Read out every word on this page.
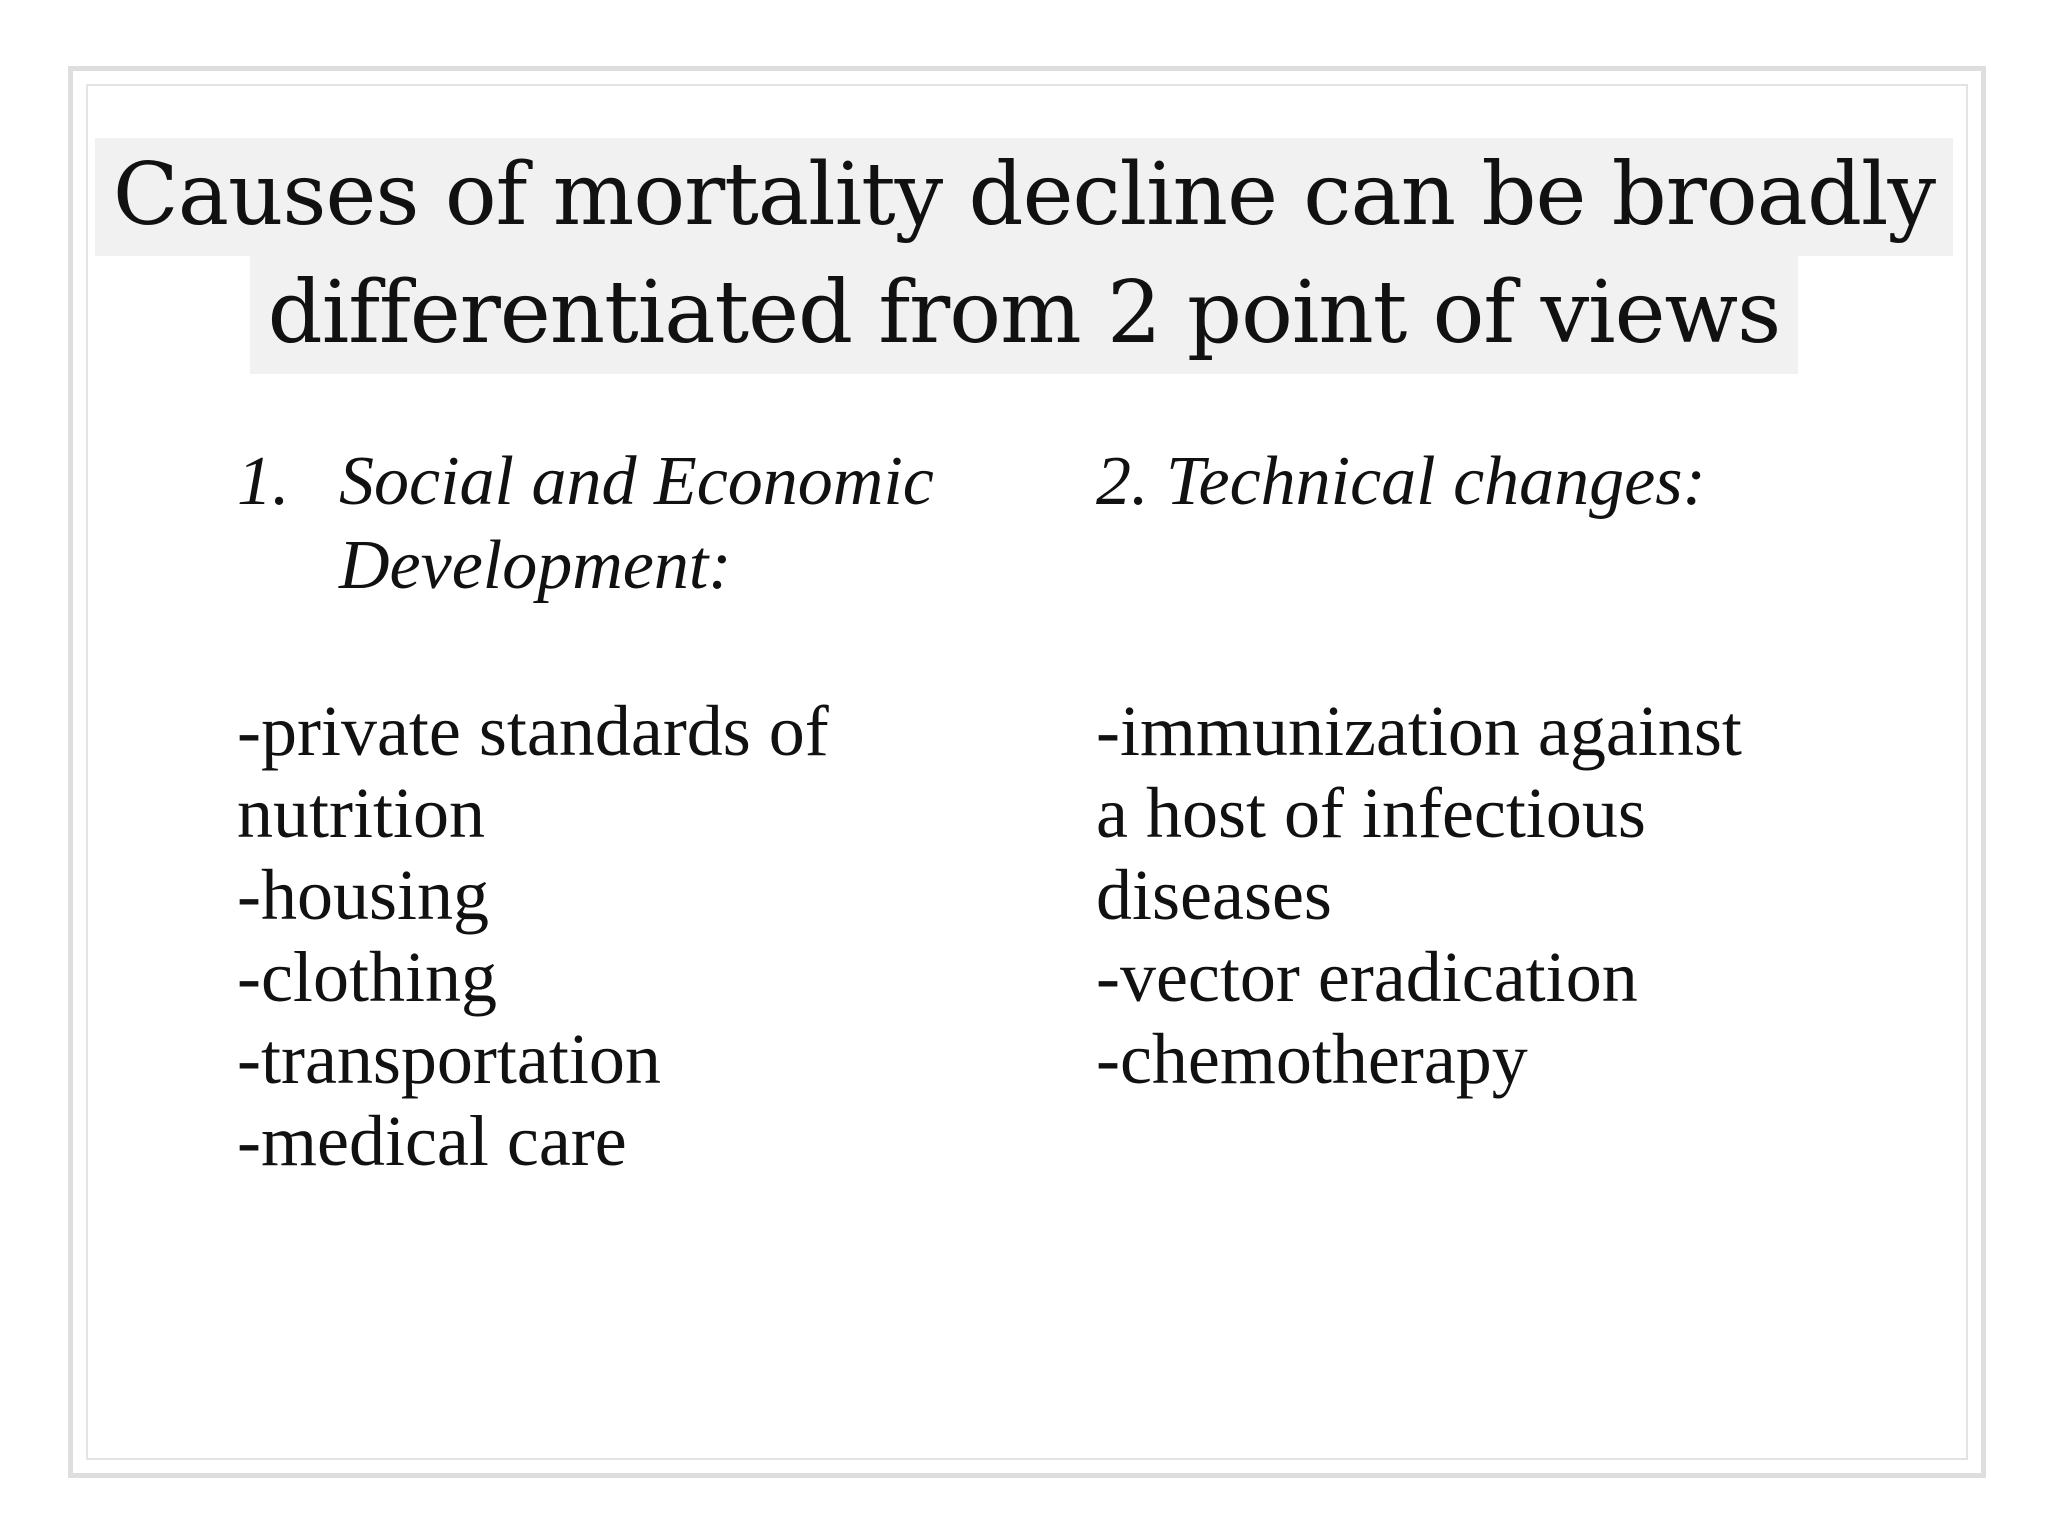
Causes of mortality decline can be broadly
differentiated from 2 point of views
1. Social and Economic
Development:

2. Technical changes:

-private standards of

nutrition

-housing

-clothing

-transportation

-medical care

-immunization against

a host of infectious

diseases

-vector eradication

-chemotherapy
